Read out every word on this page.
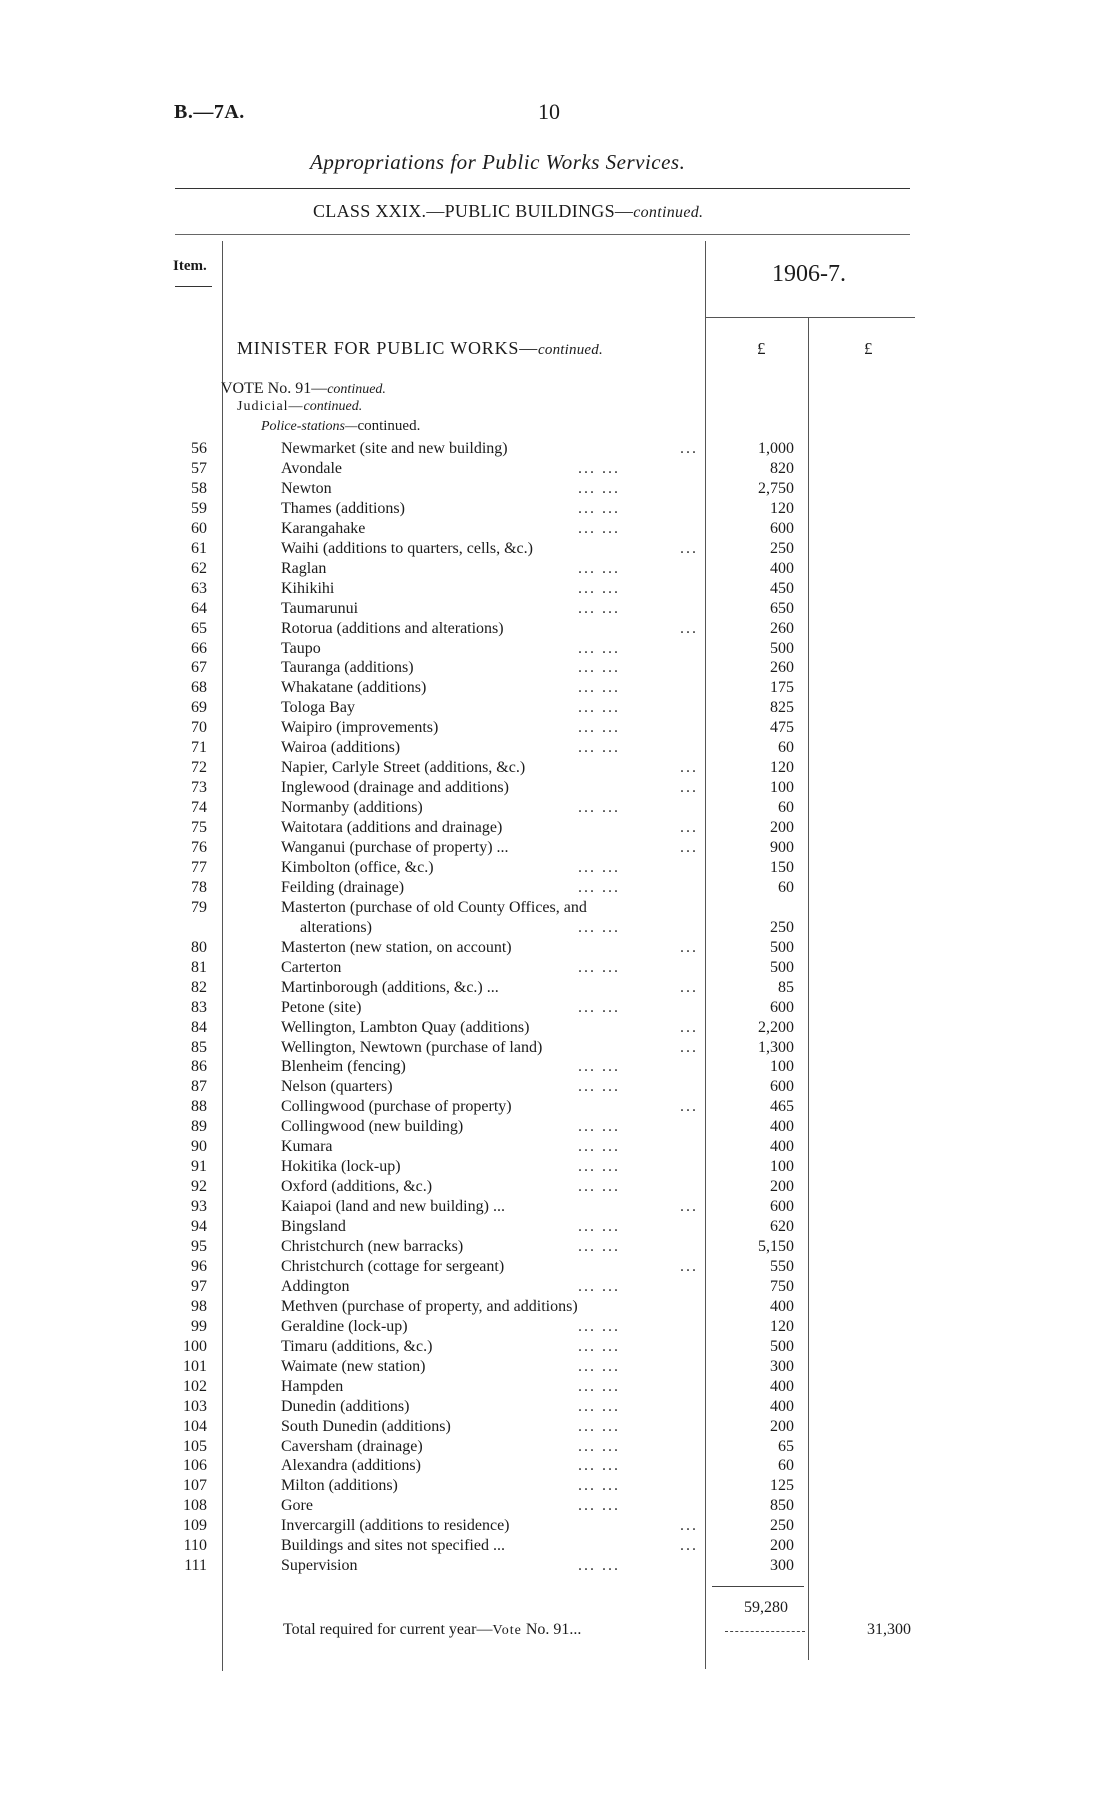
B.—7A.	10
Appropriations for Public Works Services.
CLASS XXIX.—PUBLIC BUILDINGS—continued.
Item.	1906-7.
£	£
MINISTER FOR PUBLIC WORKS—continued.
VOTE No. 91—continued.
Judicial—continued.
Police-stations—continued.
56	Newmarket (site and new building)	...	1,000
57	Avondale	... ...	820
58	Newton	... ...	2,750
59	Thames (additions)	... ...	120
60	Karangahake	... ...	600
61	Waihi (additions to quarters, cells, &c.)	...	250
62	Raglan	... ...	400
63	Kihikihi	... ...	450
64	Taumarunui	... ...	650
65	Rotorua (additions and alterations)	...	260
66	Taupo	... ...	500
67	Tauranga (additions)	... ...	260
68	Whakatane (additions)	... ...	175
69	Tologa Bay	... ...	825
70	Waipiro (improvements)	... ...	475
71	Wairoa (additions)	... ...	60
72	Napier, Carlyle Street (additions, &c.)	...	120
73	Inglewood (drainage and additions)	...	100
74	Normanby (additions)	... ...	60
75	Waitotara (additions and drainage)	...	200
76	Wanganui (purchase of property) ...	...	900
77	Kimbolton (office, &c.)	... ...	150
78	Feilding (drainage)	... ...	60
79	Masterton (purchase of old County Offices, and
alterations)	... ...	250
80	Masterton (new station, on account)	...	500
81	Carterton	... ...	500
82	Martinborough (additions, &c.) ...	...	85
83	Petone (site)	... ...	600
84	Wellington, Lambton Quay (additions)	...	2,200
85	Wellington, Newtown (purchase of land)	...	1,300
86	Blenheim (fencing)	... ...	100
87	Nelson (quarters)	... ...	600
88	Collingwood (purchase of property)	...	465
89	Collingwood (new building)	... ...	400
90	Kumara	... ...	400
91	Hokitika (lock-up)	... ...	100
92	Oxford (additions, &c.)	... ...	200
93	Kaiapoi (land and new building) ...	...	600
94	Bingsland	... ...	620
95	Christchurch (new barracks)	... ...	5,150
96	Christchurch (cottage for sergeant)	...	550
97	Addington	... ...	750
98	Methven (purchase of property, and additions)	400
99	Geraldine (lock-up)	... ...	120
100	Timaru (additions, &c.)	... ...	500
101	Waimate (new station)	... ...	300
102	Hampden	... ...	400
103	Dunedin (additions)	... ...	400
104	South Dunedin (additions)	... ...	200
105	Caversham (drainage)	... ...	65
106	Alexandra (additions)	... ...	60
107	Milton (additions)	... ...	125
108	Gore	... ...	850
109	Invercargill (additions to residence)	...	250
110	Buildings and sites not specified ...	...	200
111	Supervision	... ...	300
59,280
Total required for current year—Vote No. 91...	31,300
